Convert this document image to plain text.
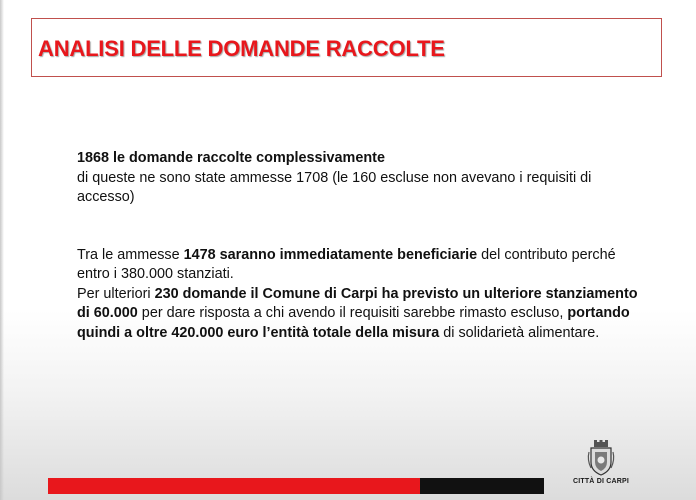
ANALISI DELLE DOMANDE RACCOLTE

1868 le domande raccolte complessivamente
di queste ne sono state ammesse 1708 (le 160 escluse non avevano i requisiti di accesso)

Tra le ammesse 1478 saranno immediatamente beneficiarie del contributo perché entro i 380.000 stanziati.
Per ulteriori 230 domande il Comune di Carpi ha previsto un ulteriore stanziamento di 60.000 per dare risposta a chi avendo il requisiti sarebbe rimasto escluso, portando quindi a oltre 420.000 euro l’entità totale della misura di solidarietà alimentare.

CITTÀ DI CARPI
